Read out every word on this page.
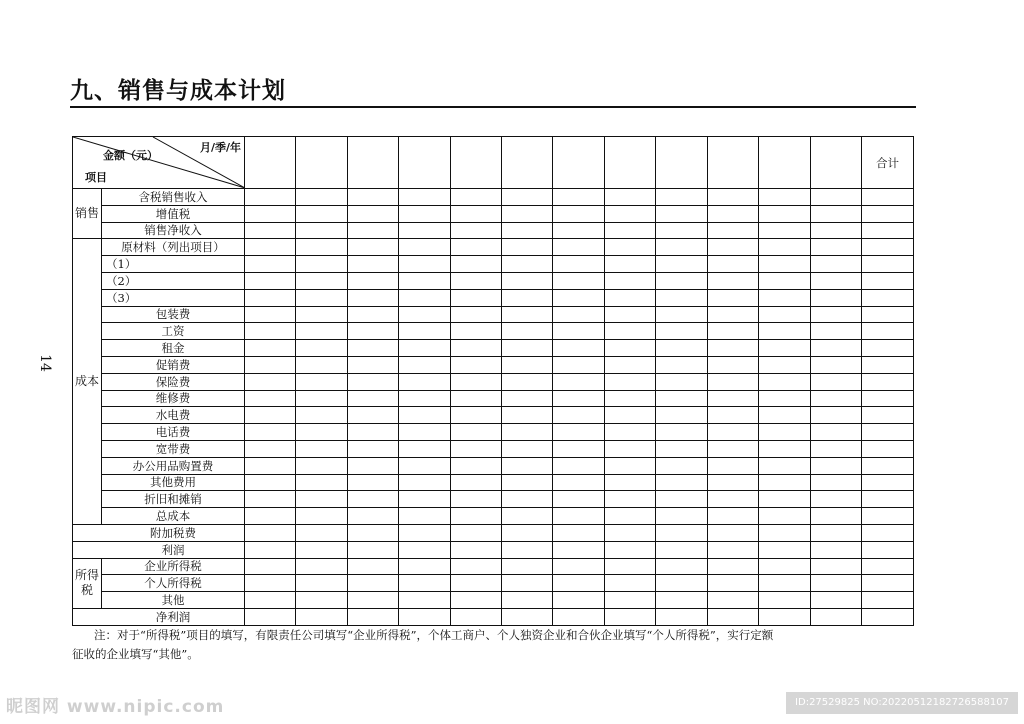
九、销售与成本计划
14
月/季/年
金额（元）
项目														合计
销售	含税销售收入													
	增值税													
	销售净收入													
成本	原材料（列出项目）													
	（1）													
	（2）													
	（3）													
	包装费													
	工资													
	租金													
	促销费													
	保险费													
	维修费													
	水电费													
	电话费													
	宽带费													
	办公用品购置费													
	其他费用													
	折旧和摊销													
	总成本													
附加税费														
利润														
所得税	企业所得税													
	个人所得税													
	其他													
净利润														
注：对于“所得税”项目的填写，有限责任公司填写“企业所得税”，个体工商户、个人独资企业和合伙企业填写“个人所得税”，实行定额
征收的企业填写“其他”。
昵图网 www.nipic.com	ID:27529825 NO:20220512182726588107
